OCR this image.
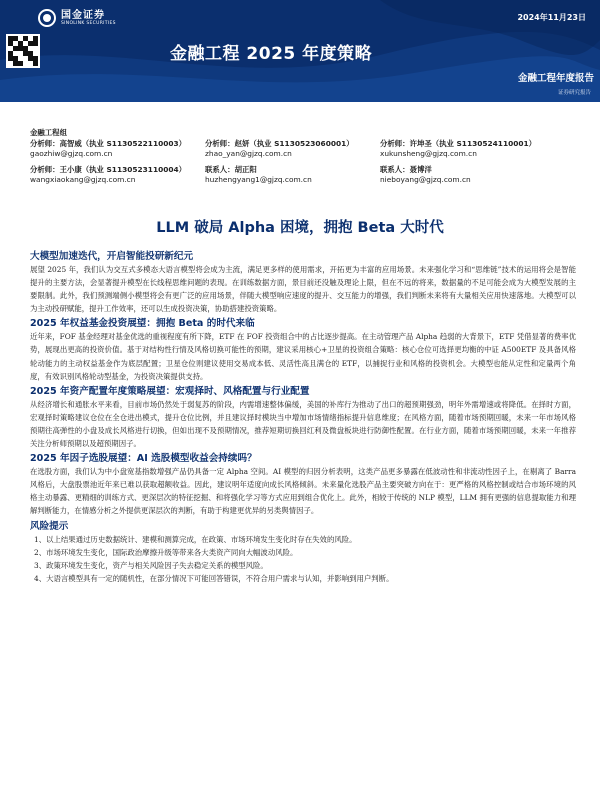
国金证券
SINOLINK SECURITIES
2024年11月23日
金融工程 2025 年度策略
金融工程年度报告
证券研究报告
金融工程组
分析师：高智威（执业 S1130522110003）
gaozhiw@gjzq.com.cn
分析师：赵妍（执业 S1130523060001）
zhao_yan@gjzq.com.cn
分析师：许坤圣（执业 S1130524110001）
xukunsheng@gjzq.com.cn
分析师：王小康（执业 S1130523110004）
wangxiaokang@gjzq.com.cn
联系人：胡正阳
huzhengyang1@gjzq.com.cn
联系人：聂博洋
nieboyang@gjzq.com.cn
LLM 破局 Alpha 困境，拥抱 Beta 大时代
大模型加速迭代，开启智能投研新纪元

展望 2025 年，我们认为交互式多模态大语言模型将会成为主流，满足更多样的使用需求，开拓更为丰富的应用场景。未来强化学习和“思维链”技术的运用将会是智能提升的主要方法，会显著提升模型在长线程思维问题的表现。在训练数据方面，景目前还没触及理论上限，但在不远的将来，数据量的不足可能会成为大模型发展的主要限制。此外，我们预测端侧小模型将会有更广泛的应用场景，伴随大模型响应速度的提升、交互能力的增强，我们判断未来将有大量相关应用快速落地。大模型可以为主动投研赋能，提升工作效率，还可以生成投资决策，协助搭建投资策略。

2025 年权益基金投资展望：拥抱 Beta 的时代来临

近年来，FOF 基金经理对基金优选的重视程度有所下降，ETF 在 FOF 投资组合中的占比逐步提高。在主动管理产品 Alpha 趋弱的大背景下，ETF 凭借显著的费率优势，展现出更高的投资价值。基于对结构性行情及风格切换可能性的预期，建议采用核心+卫星的投资组合策略：核心仓位可选择更均衡的中证 A500ETF 及具备风格轮动能力的主动权益基金作为底层配置；卫星仓位则建议使用交易成本低、灵活性高且满仓的 ETF，以捕捉行业和风格的投资机会。大模型也能从定性和定量两个角度，有效识别风格轮动型基金，为投资决策提供支持。

2025 年资产配置年度策略展望：宏观择时、风格配置与行业配置

从经济增长和通胀水平来看，目前市场仍然处于弱复苏的阶段，内需增速整体偏缓，美国的补库行为推动了出口的超预期强劲，明年外需增速或将降低。在择时方面，宏观择时策略建议仓位在全仓进出模式，提升仓位比例，并且建议择时模块当中增加市场情绪指标提升信息维度；在风格方面，随着市场预期回暖，未来一年市场风格预期往高弹性的小盘及成长风格进行切换，但如出现不及预期情况，推荐短期切换回红利及微盘板块进行防御性配置。在行业方面，随着市场预期回暖，未来一年推荐关注分析师预期以及超预期因子。

2025 年因子选股展望：AI 选股模型收益会持续吗？

在选股方面，我们认为中小盘宽基指数增强产品仍具备一定 Alpha 空间。AI 模型的归因分析表明，这类产品更多暴露在低波动性和非流动性因子上，在剔离了 Barra 风格后，大盘股票池近年来已难以获取超额收益。因此，建议明年适度向成长风格倾斜。未来量化选股产品主要突破方向在于：更严格的风格控制或结合市场环境的风格主动暴露、更精细的训练方式、更深层次的特征挖掘、和将强化学习等方式应用到组合优化上。此外，相较于传统的 NLP 模型，LLM 拥有更强的信息提取能力和理解判断能力，在情感分析之外提供更深层次的判断，有助于构建更优异的另类舆情因子。

风险提示
1、以上结果通过历史数据统计、建模和测算完成，在政策、市场环境发生变化时存在失效的风险。
2、市场环境发生变化，国际政治摩擦升级等带来各大类资产同向大幅波动风险。
3、政策环境发生变化，资产与相关风险因子失去稳定关系的模型风险。
4、大语言模型具有一定的随机性，在部分情况下可能回答错误，不符合用户需求与认知，并影响到用户判断。
